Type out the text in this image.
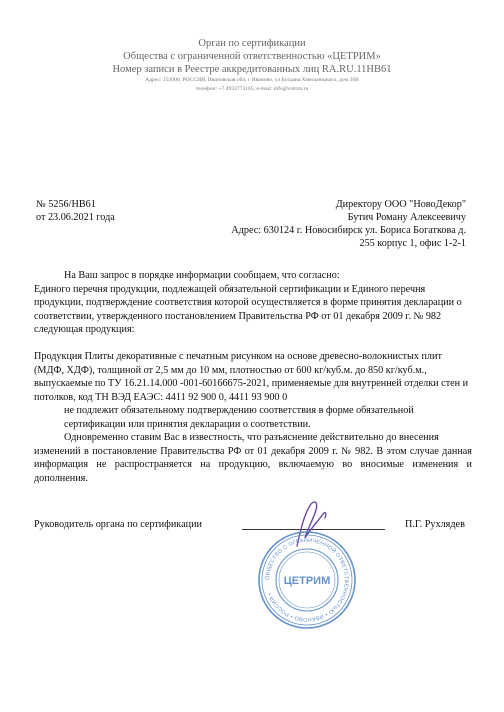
Орган по сертификации
Общества с ограниченной ответственностью «ЦЕТРИМ»
Номер записи в Реестре аккредитованных лиц RA.RU.11НВ61
Адрес: 153000, РОССИЯ, Ивановская обл, г Иваново, ул Богдана Хмельницкого, дом 36В
телефон: +7 4932773165, e-mail: info@cetrim.ru
№ 5256/НВ61
от 23.06.2021 года
Директору ООО "НовоДекор"
Бутич Роману Алексеевичу
Адрес: 630124 г. Новосибирск ул. Бориса Богаткова д.
255 корпус 1, офис 1-2-1
На Ваш запрос в порядке информации сообщаем, что согласно:
Единого перечня продукции, подлежащей обязательной сертификации и Единого перечня продукции, подтверждение соответствия которой осуществляется в форме принятия декларации о соответствии, утвержденного постановлением Правительства РФ от 01 декабря 2009 г. № 982 следующая продукция:
Продукция Плиты декоративные с печатным рисунком на основе древесно-волокнистых плит (МДФ, ХДФ), толщиной от 2,5 мм до 10 мм, плотностью от 600 кг/куб.м. до 850 кг/куб.м., выпускаемые по ТУ 16.21.14.000 -001-60166675-2021, применяемые для внутренней отделки стен и потолков, код ТН ВЭД ЕАЭС: 4411 92 900 0, 4411 93 900 0
не подлежит обязательному подтверждению соответствия в форме обязательной
сертификации или принятия декларации о соответствии.
Одновременно ставим Вас в известность, что разъяснение действительно до внесения
изменений в постановление Правительства РФ от 01 декабря 2009 г. № 982. В этом случае данная информация не распространяется на продукцию, включаемую во вносимые изменения и дополнения.
Руководитель органа по сертификации	П.Г. Рухлядев
ОБЩЕСТВО С ОГРАНИЧЕННОЙ ОТВЕТСТВЕННОСТЬЮ • ИВАНОВО • РОССИЯ •
ЦЕТРИМ
